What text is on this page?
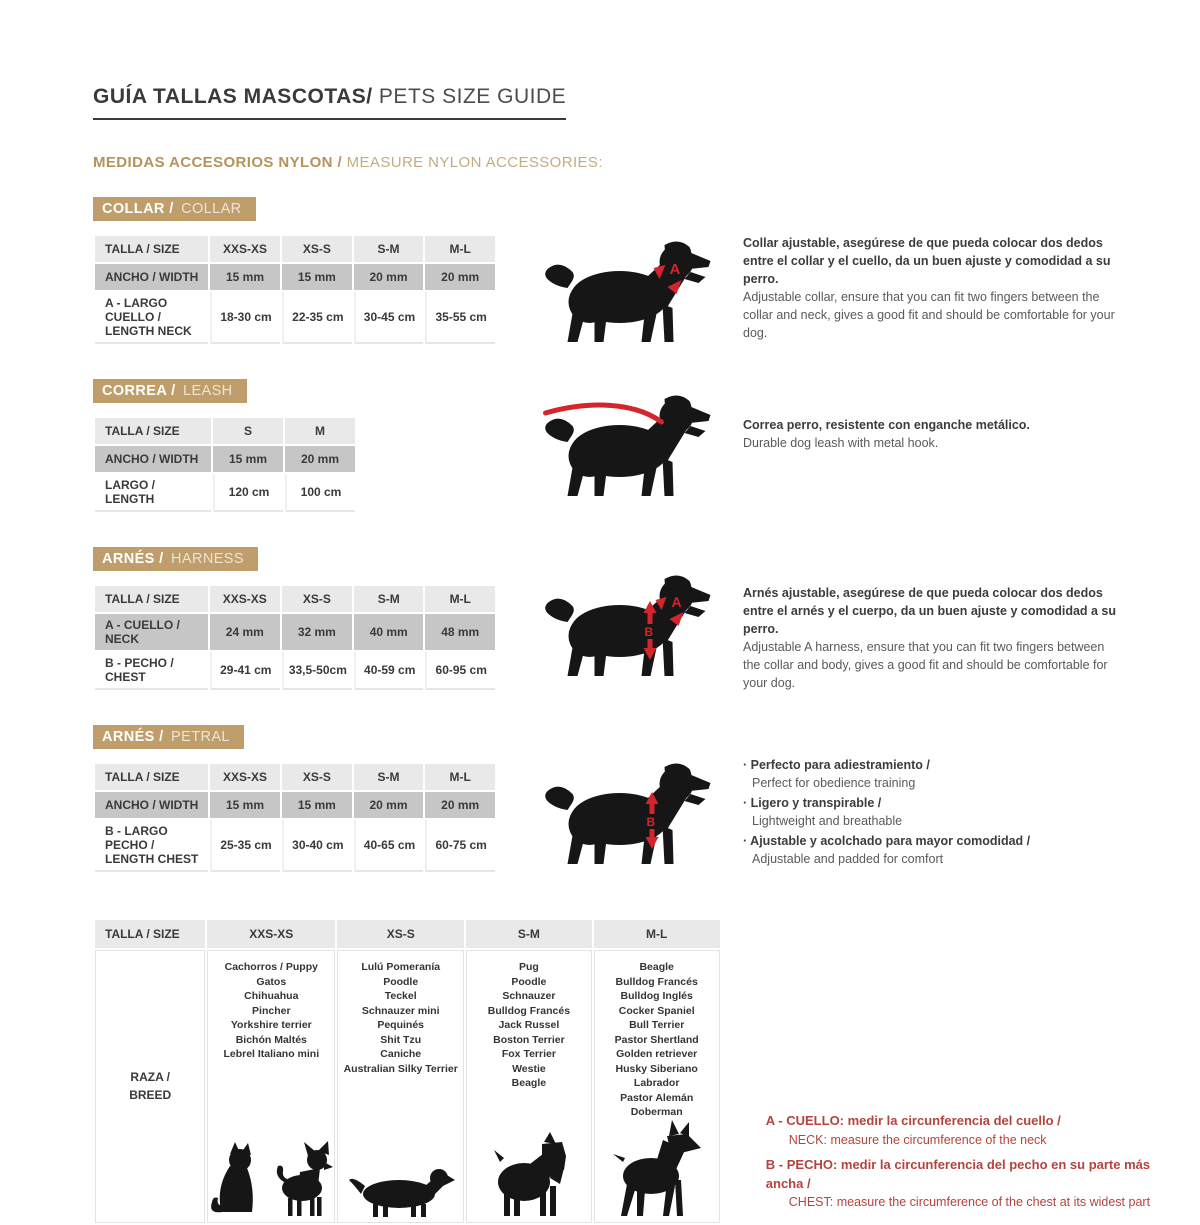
GUÍA TALLAS MASCOTAS/ PETS SIZE GUIDE
MEDIDAS ACCESORIOS NYLON / MEASURE NYLON ACCESSORIES:
COLLAR / COLLAR
TALLA / SIZE	XXS-XS	XS-S	S-M	M-L
ANCHO / WIDTH	15 mm	15 mm	20 mm	20 mm
A - LARGO CUELLO / LENGTH NECK	18-30 cm	22-35 cm	30-45 cm	35-55 cm
A
Collar ajustable, asegúrese de que pueda colocar dos dedos entre el collar y el cuello, da un buen ajuste y comodidad a su perro.
Adjustable collar, ensure that you can fit two fingers between the collar and neck, gives a good fit and should be comfortable for your dog.
CORREA / LEASH
TALLA / SIZE	S	M
ANCHO / WIDTH	15 mm	20 mm
LARGO / LENGTH	120 cm	100 cm
Correa perro, resistente con enganche metálico.
Durable dog leash with metal hook.
ARNÉS / HARNESS
TALLA / SIZE	XXS-XS	XS-S	S-M	M-L
A - CUELLO / NECK	24 mm	32 mm	40 mm	48 mm
B - PECHO / CHEST	29-41 cm	33,5-50cm	40-59 cm	60-95 cm
A
B
Arnés ajustable, asegúrese de que pueda colocar dos dedos entre el arnés y el cuerpo, da un buen ajuste y comodidad a su perro.
Adjustable A harness, ensure that you can fit two fingers between the collar and body, gives a good fit and should be comfortable for your dog.
ARNÉS / PETRAL
TALLA / SIZE	XXS-XS	XS-S	S-M	M-L
ANCHO / WIDTH	15 mm	15 mm	20 mm	20 mm
B - LARGO PECHO / LENGTH CHEST	25-35 cm	30-40 cm	40-65 cm	60-75 cm
B
· Perfecto para adiestramiento /
Perfect for obedience training
· Ligero y transpirable /
Lightweight and breathable
· Ajustable y acolchado para mayor comodidad /
Adjustable and padded for comfort
TALLA / SIZE	XXS-XS	XS-S	S-M	M-L

RAZA /
BREED

Cachorros / Puppy
Gatos
Chihuahua
Pincher
Yorkshire terrier
Bichón Maltés
Lebrel Italiano mini

Lulú Pomeranía
Poodle
Teckel
Schnauzer mini
Pequinés
Shit Tzu
Caniche
Australian Silky Terrier

Pug
Poodle
Schnauzer
Bulldog Francés
Jack Russel
Boston Terrier
Fox Terrier
Westie
Beagle

Beagle
Bulldog Francés
Bulldog Inglés
Cocker Spaniel
Bull Terrier
Pastor Shertland
Golden retriever
Husky Siberiano
Labrador
Pastor Alemán
Doberman
A - CUELLO: medir la circunferencia del cuello /
NECK: measure the circumference of the neck
B - PECHO: medir la circunferencia del pecho en su parte más ancha /
CHEST: measure the circumference of the chest at its widest part
